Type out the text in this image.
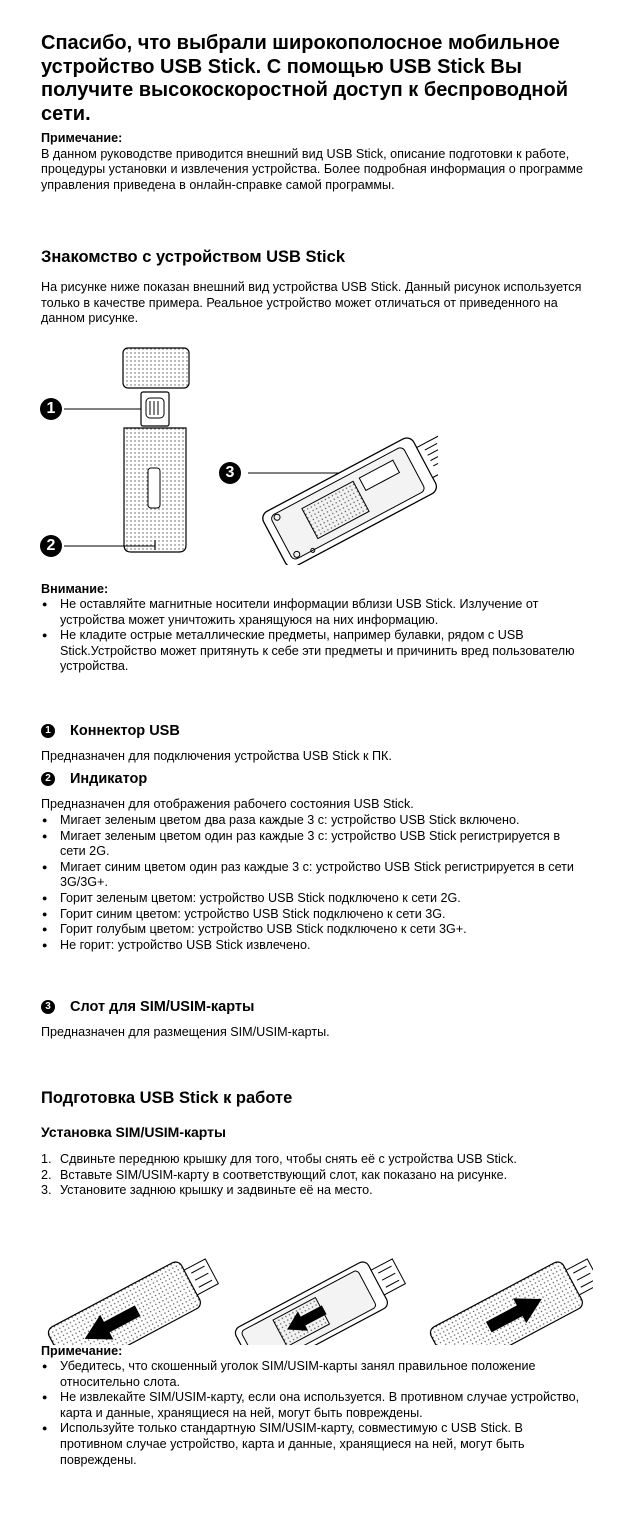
Спасибо, что выбрали широкополосное мобильное устройство USB Stick. С помощью USB Stick Вы получите высокоскоростной доступ к беспроводной сети.

Примечание:

В данном руководстве приводится внешний вид USB Stick, описание подготовки к работе, процедуры установки и извлечения устройства. Более подробная информация о программе управления приведена в онлайн-справке самой программы.

Знакомство с устройством USB Stick

На рисунке ниже показан внешний вид устройства USB Stick. Данный рисунок используется только в качестве примера. Реальное устройство может отличаться от приведенного на данном рисунке.

1
2
3

Внимание:

● Не оставляйте магнитные носители информации вблизи USB Stick. Излучение от устройства может уничтожить хранящуюся на них информацию.
● Не кладите острые металлические предметы, например булавки, рядом с USB Stick.Устройство может притянуть к себе эти предметы и причинить вред пользователю устройства.
1 Коннектор USB

Предназначен для подключения устройства USB Stick к ПК.

2 Индикатор

Предназначен для отображения рабочего состояния USB Stick.

● Мигает зеленым цветом два раза каждые 3 с: устройство USB Stick включено.
● Мигает зеленым цветом один раз каждые 3 с: устройство USB Stick регистрируется в сети 2G.
● Мигает синим цветом один раз каждые 3 с: устройство USB Stick регистрируется в сети 3G/3G+.
● Горит зеленым цветом: устройство USB Stick подключено к сети 2G.
● Горит синим цветом: устройство USB Stick подключено к сети 3G.
● Горит голубым цветом: устройство USB Stick подключено к сети 3G+.
● Не горит: устройство USB Stick извлечено.
3 Слот для SIM/USIM-карты

Предназначен для размещения SIM/USIM-карты.

Подготовка USB Stick к работе
Установка SIM/USIM-карты
1. Сдвиньте переднюю крышку для того, чтобы снять её с устройства USB Stick.
2. Вставьте SIM/USIM-карту в соответствующий слот, как показано на рисунке.
3. Установите заднюю крышку и задвиньте её на место.

Примечание:

● Убедитесь, что скошенный уголок SIM/USIM-карты занял правильное положение относительно слота.
● Не извлекайте SIM/USIM-карту, если она используется. В противном случае устройство, карта и данные, хранящиеся на ней, могут быть повреждены.
● Используйте только стандартную SIM/USIM-карту, совместимую с USB Stick. В противном случае устройство, карта и данные, хранящиеся на ней, могут быть повреждены.
